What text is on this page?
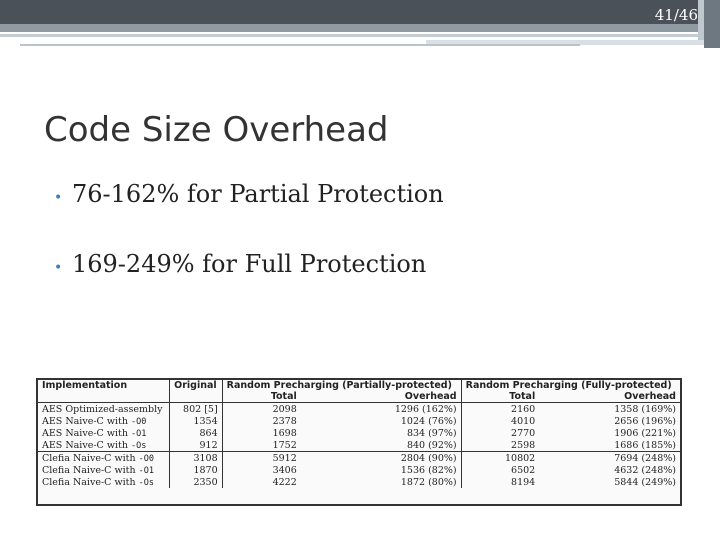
41/46
Code Size Overhead
• 76-162% for Partial Protection
• 169-249% for Full Protection
Implementation	Original	Random Precharging (Partially-protected)		Random Precharging (Fully-protected)	
		Total	Overhead	Total	Overhead
AES Optimized-assembly	802 [5]	2098	1296 (162%)	2160	1358 (169%)
AES Naive-C with -O0	1354	2378	1024 (76%)	4010	2656 (196%)
AES Naive-C with -O1	864	1698	834 (97%)	2770	1906 (221%)
AES Naive-C with -Os	912	1752	840 (92%)	2598	1686 (185%)
Clefia Naive-C with -O0	3108	5912	2804 (90%)	10802	7694 (248%)
Clefia Naive-C with -O1	1870	3406	1536 (82%)	6502	4632 (248%)
Clefia Naive-C with -Os	2350	4222	1872 (80%)	8194	5844 (249%)
